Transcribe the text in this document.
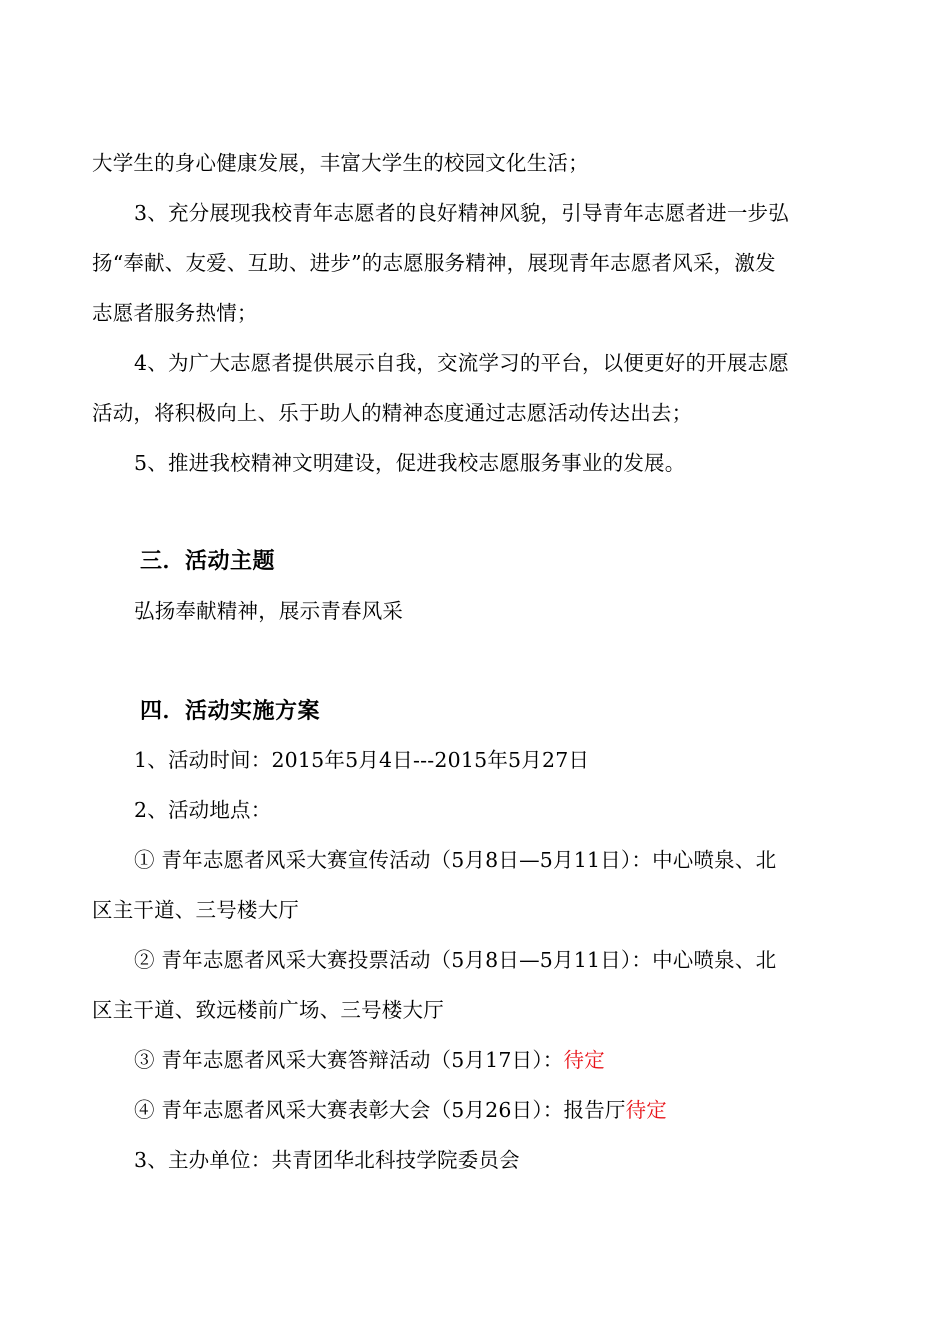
大学生的身心健康发展，丰富大学生的校园文化生活；
3、充分展现我校青年志愿者的良好精神风貌，引导青年志愿者进一步弘
扬“奉献、友爱、互助、进步”的志愿服务精神，展现青年志愿者风采，激发
志愿者服务热情；
4、为广大志愿者提供展示自我，交流学习的平台，以便更好的开展志愿
活动，将积极向上、乐于助人的精神态度通过志愿活动传达出去；
5、推进我校精神文明建设，促进我校志愿服务事业的发展。
三．活动主题
弘扬奉献精神，展示青春风采
四．活动实施方案
1、活动时间：2015年5月4日---2015年5月27日
2、活动地点：
① 青年志愿者风采大赛宣传活动（5月8日—5月11日）：中心喷泉、北
区主干道、三号楼大厅
② 青年志愿者风采大赛投票活动（5月8日—5月11日）：中心喷泉、北
区主干道、致远楼前广场、三号楼大厅
③ 青年志愿者风采大赛答辩活动（5月17日）：待定
④ 青年志愿者风采大赛表彰大会（5月26日）：报告厅待定
3、主办单位：共青团华北科技学院委员会
